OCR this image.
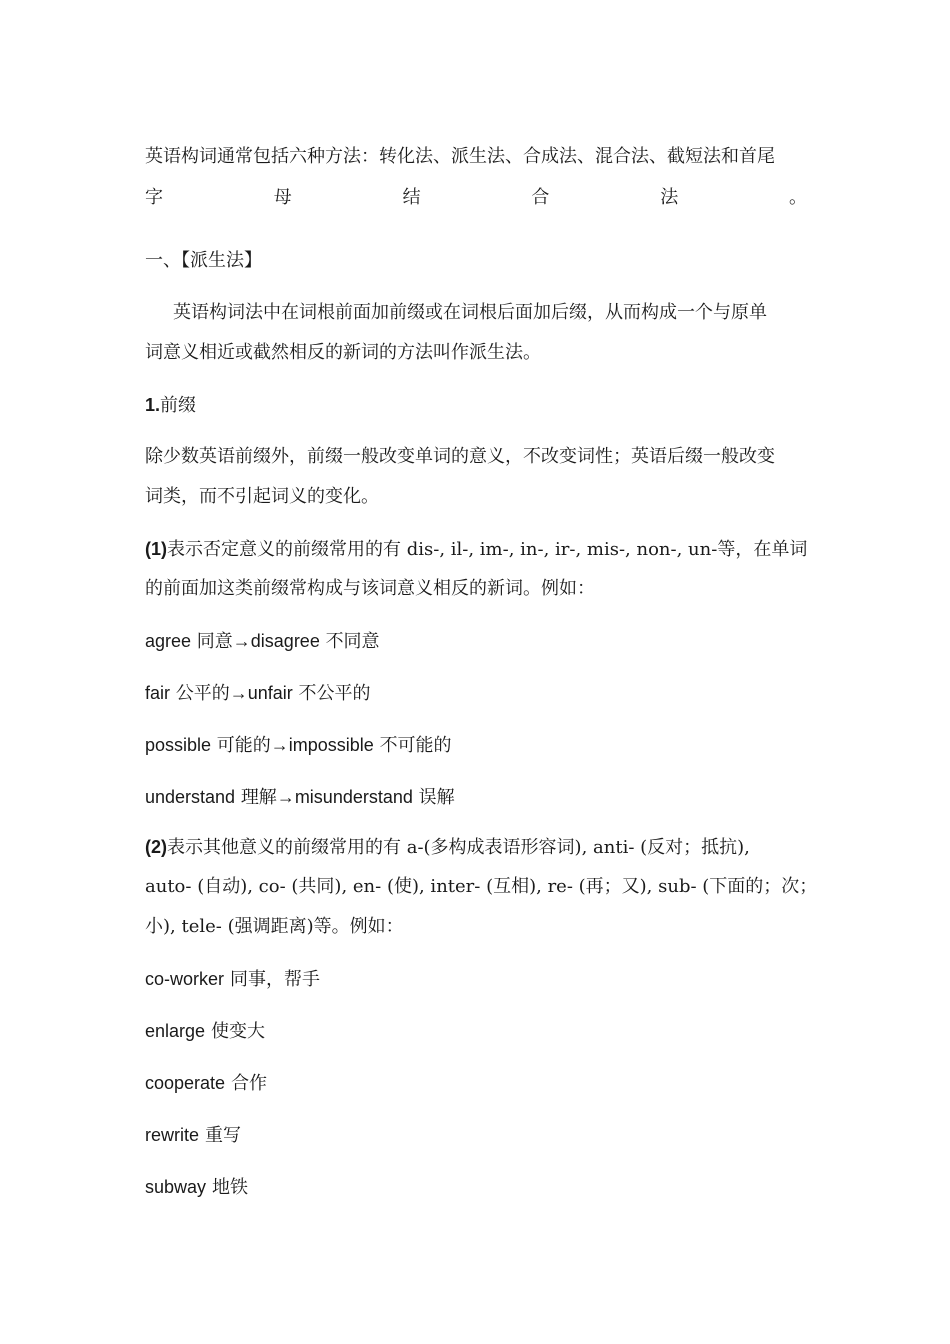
英语构词通常包括六种方法：转化法、派生法、合成法、混合法、截短法和首尾
字	母	结	合	法	。
一、【派生法】
英语构词法中在词根前面加前缀或在词根后面加后缀，从而构成一个与原单
词意义相近或截然相反的新词的方法叫作派生法。
1.前缀
除少数英语前缀外，前缀一般改变单词的意义，不改变词性；英语后缀一般改变
词类，而不引起词义的变化。
(1)表示否定意义的前缀常用的有 dis-, il-, im-, in-, ir-, mis-, non-, un-等，在单词
的前面加这类前缀常构成与该词意义相反的新词。例如：
agree 同意→disagree 不同意
fair 公平的→unfair 不公平的
possible 可能的→impossible 不可能的
understand 理解→misunderstand 误解
(2)表示其他意义的前缀常用的有 a-(多构成表语形容词), anti- (反对；抵抗),
auto- (自动), co- (共同), en- (使), inter- (互相), re- (再；又), sub- (下面的；次；
小), tele- (强调距离)等。例如：
co-worker 同事，帮手
enlarge 使变大
cooperate 合作
rewrite 重写
subway 地铁
